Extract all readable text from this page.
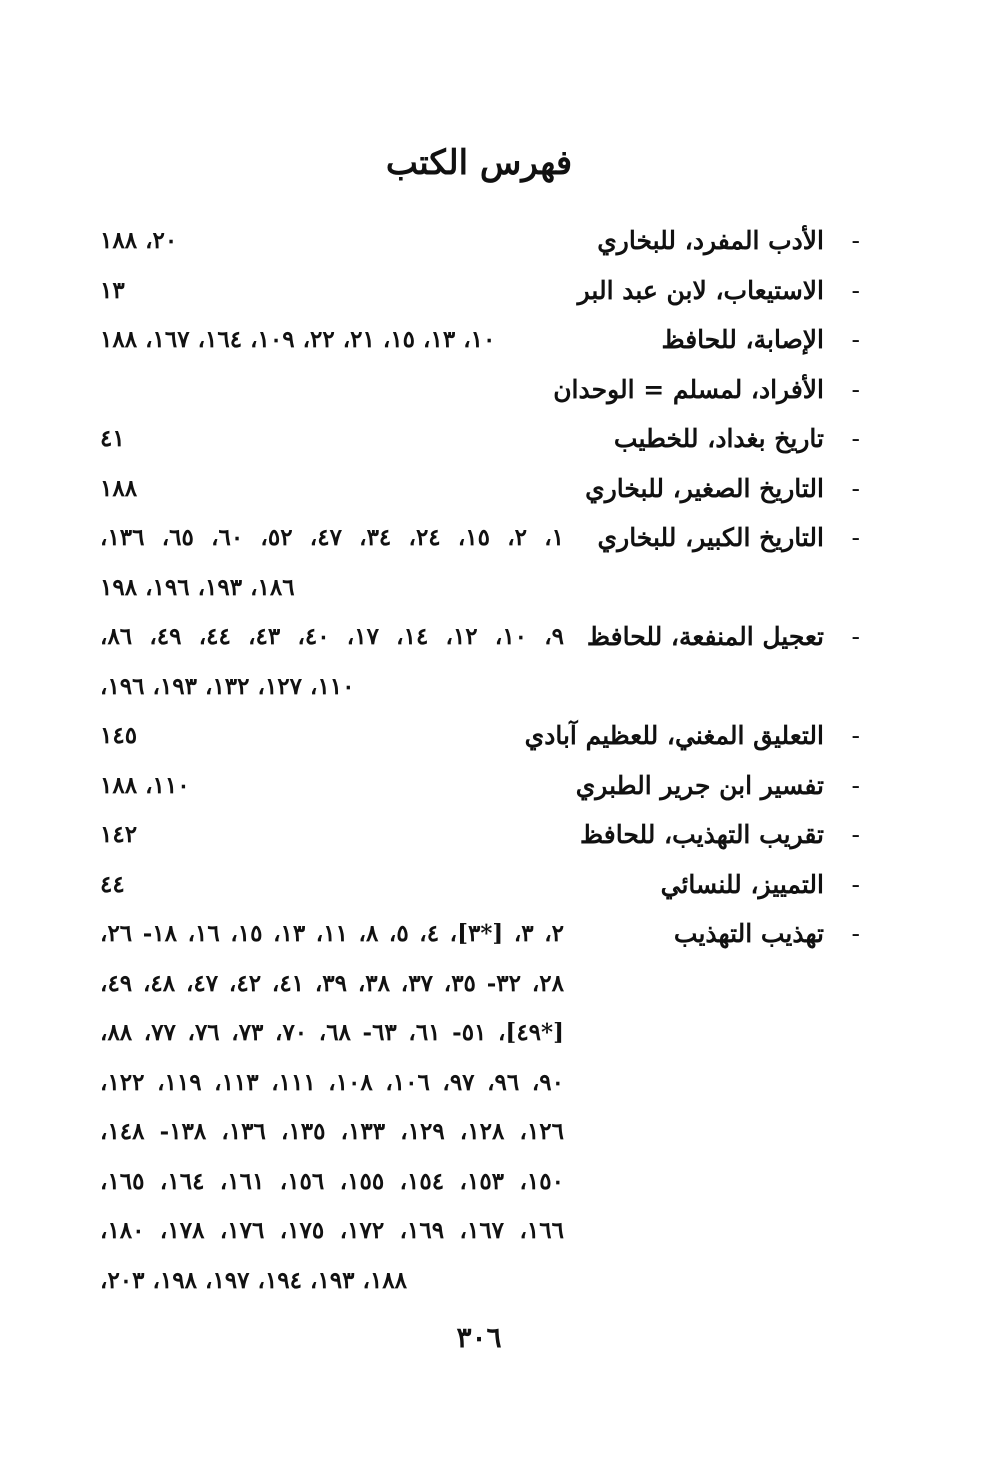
فهرس الكتب
-
الأدب المفرد، للبخاري
٢٠، ١٨٨
-
الاستيعاب، لابن عبد البر
١٣
-
الإصابة، للحافظ
١٠، ١٣، ١٥، ٢١، ٢٢، ١٠٩، ١٦٤، ١٦٧، ١٨٨
-
الأفراد، لمسلم = الوحدان
-
تاريخ بغداد، للخطيب
٤١
-
التاريخ الصغير، للبخاري
١٨٨
-
التاريخ الكبير، للبخاري
١، ٢، ١٥، ٢٤، ٣٤، ٤٧، ٥٢، ٦٠، ٦٥، ١٣٦،
١٨٦، ١٩٣، ١٩٦، ١٩٨
-
تعجيل المنفعة، للحافظ
٩، ١٠، ١٢، ١٤، ١٧، ٤٠، ٤٣، ٤٤، ٤٩، ٨٦،
١١٠، ١٢٧، ١٣٢، ١٩٣، ١٩٦،
-
التعليق المغني، للعظيم آبادي
١٤٥
-
تفسير ابن جرير الطبري
١١٠، ١٨٨
-
تقريب التهذيب، للحافظ
١٤٢
-
التمييز، للنسائي
٤٤
-
تهذيب التهذيب
٢، ٣، [*٣]، ٤، ٥، ٨، ١١، ١٣، ١٥، ١٦، ١٨- ٢٦،
٢٨، ٣٢- ٣٥، ٣٧، ٣٨، ٣٩، ٤١، ٤٢، ٤٧، ٤٨، ٤٩،
[*٤٩]، ٥١- ٦١، ٦٣- ٦٨، ٧٠، ٧٣، ٧٦، ٧٧، ٨٨،
٩٠، ٩٦، ٩٧، ١٠٦، ١٠٨، ١١١، ١١٣، ١١٩، ١٢٢،
١٢٦، ١٢٨، ١٢٩، ١٣٣، ١٣٥، ١٣٦، ١٣٨- ١٤٨،
١٥٠، ١٥٣، ١٥٤، ١٥٥، ١٥٦، ١٦١، ١٦٤، ١٦٥،
١٦٦، ١٦٧، ١٦٩، ١٧٢، ١٧٥، ١٧٦، ١٧٨، ١٨٠،
١٨٨، ١٩٣، ١٩٤، ١٩٧، ١٩٨، ٢٠٣،
٣٠٦
